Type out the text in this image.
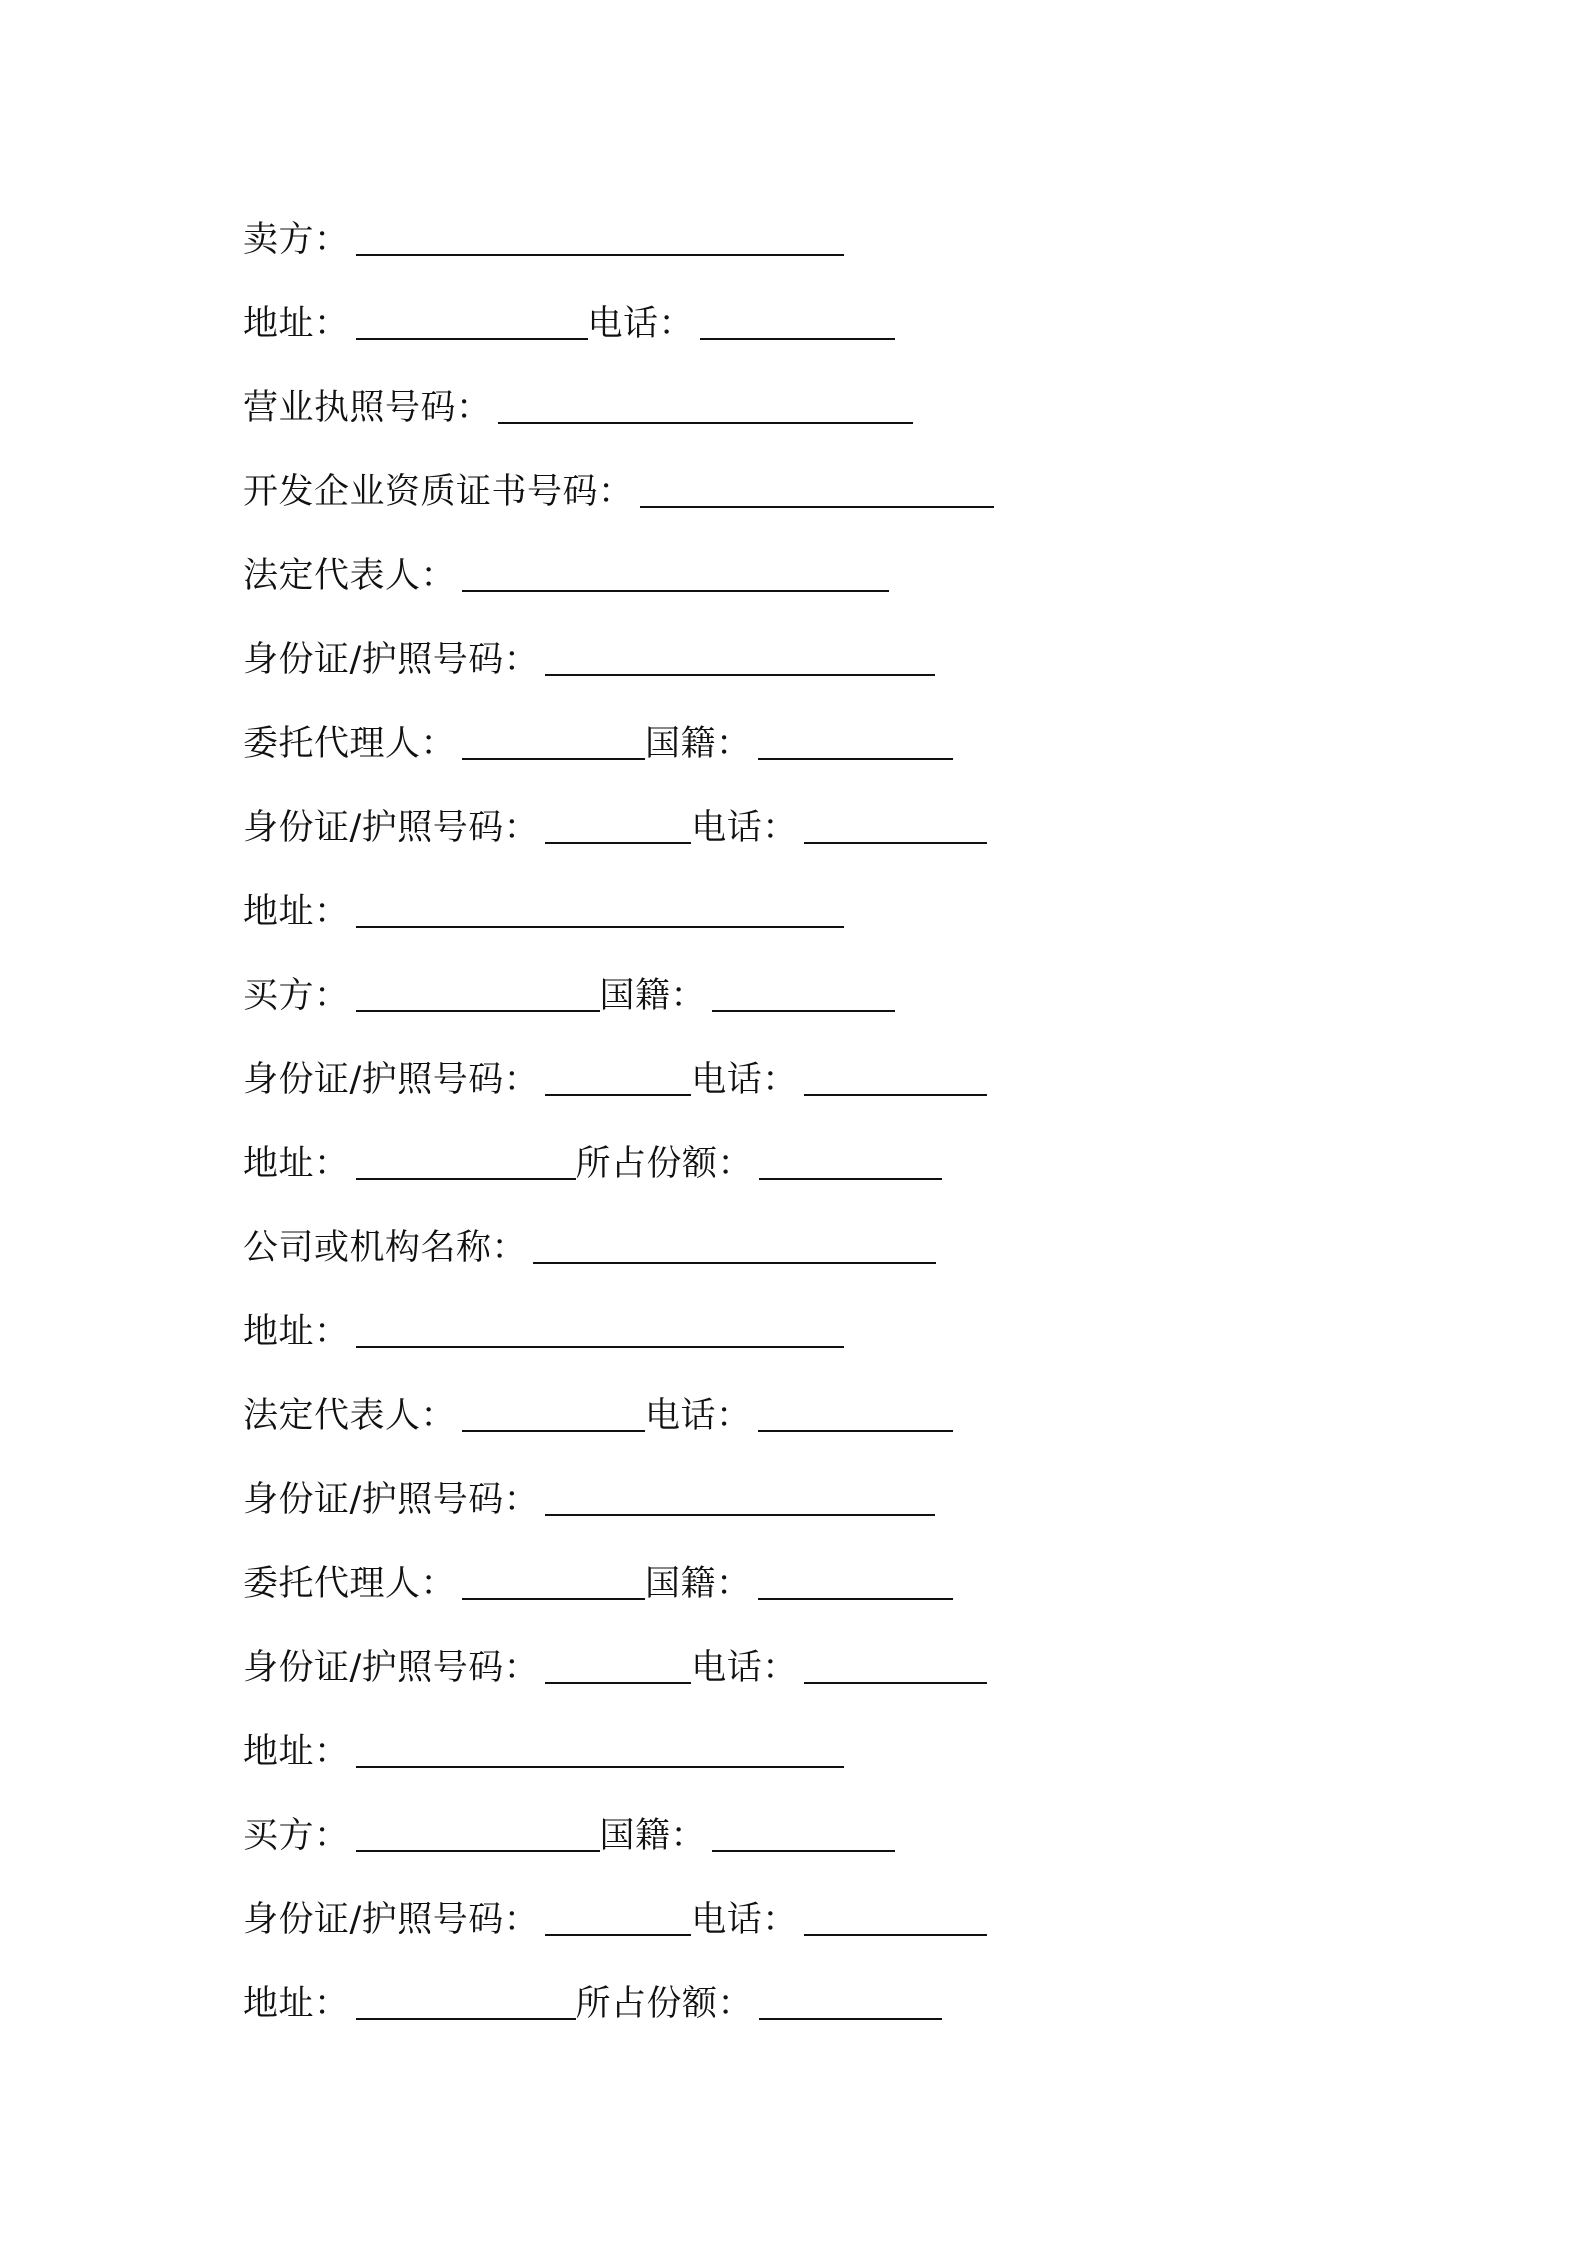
卖方：
地址：	电话：
营业执照号码：
开发企业资质证书号码：
法定代表人：
身份证/护照号码：
委托代理人：	国籍：
身份证/护照号码：	电话：
地址：
买方：	国籍：
身份证/护照号码：	电话：
地址：	所占份额：
公司或机构名称：
地址：
法定代表人：	电话：
身份证/护照号码：
委托代理人：	国籍：
身份证/护照号码：	电话：
地址：
买方：	国籍：
身份证/护照号码：	电话：
地址：	所占份额：
